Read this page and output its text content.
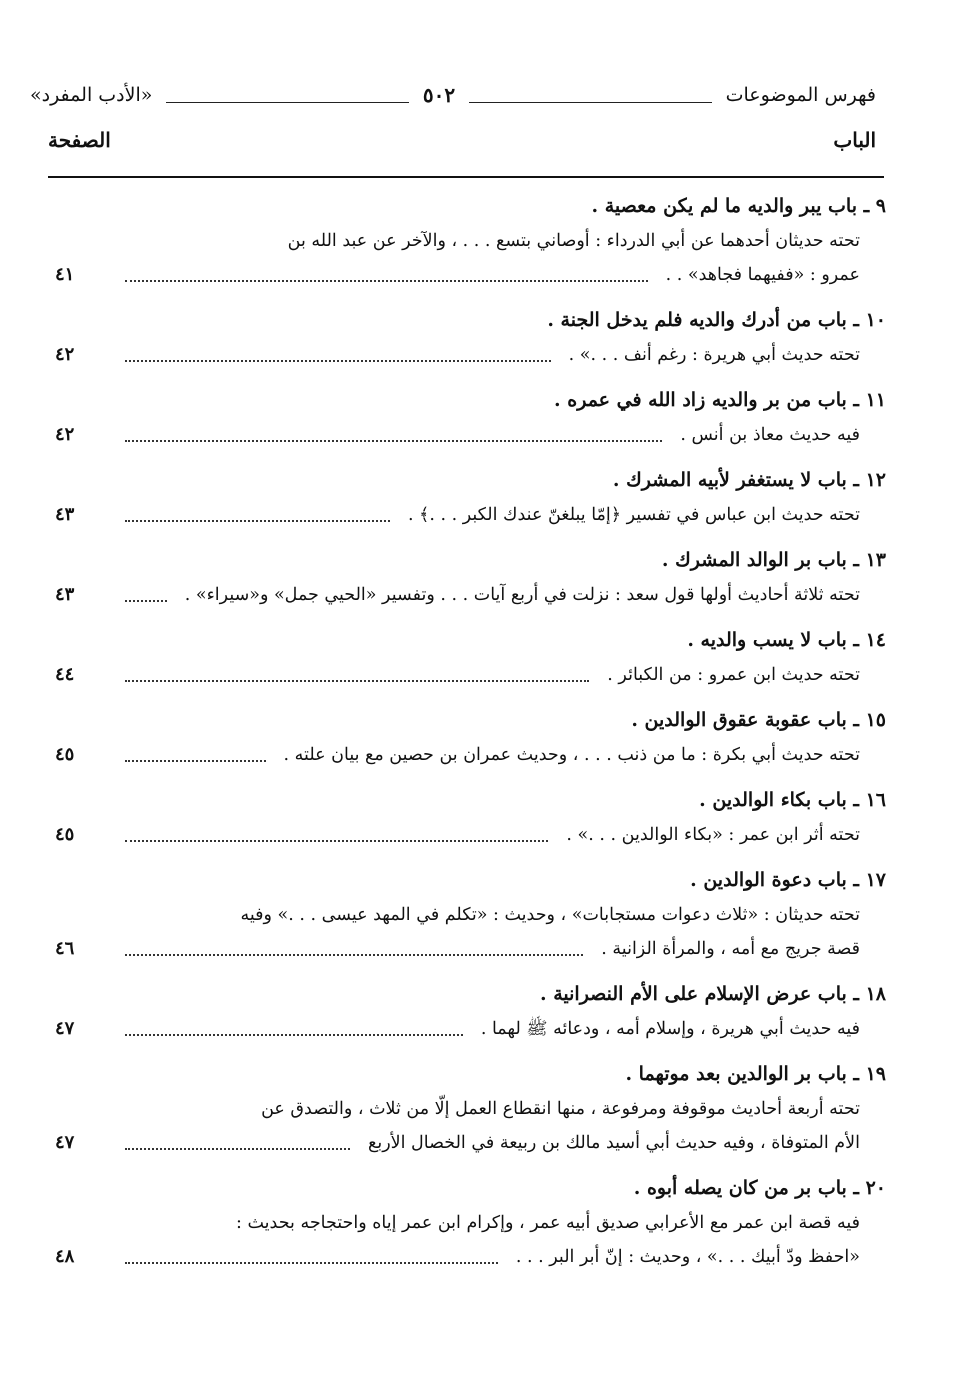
فهرس الموضوعات
٥٠٢
«الأدب المفرد»
الباب
الصفحة
٩ ـ باب يبر والديه ما لم يكن معصية .
تحته حديثان أحدهما عن أبي الدرداء : أوصاني بتسع . . . ، والآخر عن عبد الله بن
عمرو : «ففيهما فجاهد» . .
٤١
١٠ ـ باب من أدرك والديه فلم يدخل الجنة .
تحته حديث أبي هريرة : رغم أنف . . .» .
٤٢
١١ ـ باب من بر والديه زاد الله في عمره .
فيه حديث معاذ بن أنس .
٤٢
١٢ ـ باب لا يستغفر لأبيه المشرك .
تحته حديث ابن عباس في تفسير ﴿إمّا يبلغنّ عندك الكبر . . .﴾ .
٤٣
١٣ ـ باب بر الوالد المشرك .
تحته ثلاثة أحاديث أولها قول سعد : نزلت في أربع آيات . . . وتفسير «الحيي جمل» و«سيراء» .
٤٣
١٤ ـ باب لا يسب والديه .
تحته حديث ابن عمرو : من الكبائر .
٤٤
١٥ ـ باب عقوبة عقوق الوالدين .
تحته حديث أبي بكرة : ما من ذنب . . . ، وحديث عمران بن حصين مع بيان علته .
٤٥
١٦ ـ باب بكاء الوالدين .
تحته أثر ابن عمر : «بكاء الوالدين . . .» .
٤٥
١٧ ـ باب دعوة الوالدين .
تحته حديثان : «ثلاث دعوات مستجابات» ، وحديث : «تكلم في المهد عيسى . . .» وفيه
قصة جريج مع أمه ، والمرأة الزانية .
٤٦
١٨ ـ باب عرض الإسلام على الأم النصرانية .
فيه حديث أبي هريرة ، وإسلام أمه ، ودعائه ﷺ لهما .
٤٧
١٩ ـ باب بر الوالدين بعد موتهما .
تحته أربعة أحاديث موقوفة ومرفوعة ، منها انقطاع العمل إلّا من ثلاث ، والتصدق عن
الأم المتوفاة ، وفيه حديث أبي أسيد مالك بن ربيعة في الخصال الأربع
٤٧
٢٠ ـ باب بر من كان يصله أبوه .
فيه قصة ابن عمر مع الأعرابي صديق أبيه عمر ، وإكرام ابن عمر إياه واحتجاجه بحديث :
«احفظ ودّ أبيك . . .» ، وحديث : إنّ أبر البر . . .
٤٨
